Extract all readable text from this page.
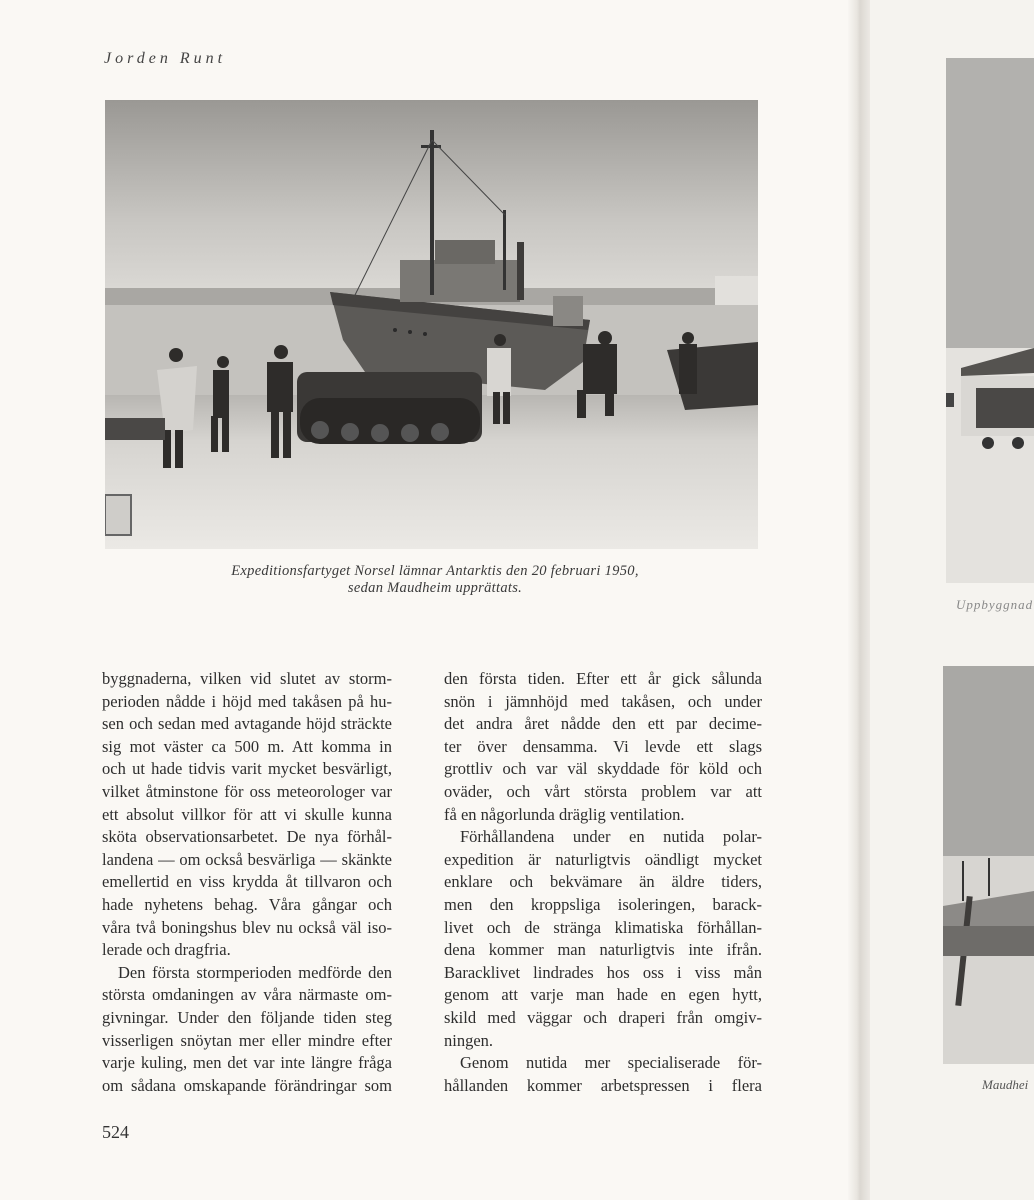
Jorden Runt
Expeditionsfartyget Norsel lämnar Antarktis den 20 februari 1950,
sedan Maudheim upprättats.
byggnaderna, vilken vid slutet av storm-
perioden nådde i höjd med takåsen på hu-
sen och sedan med avtagande höjd sträckte
sig mot väster ca 500 m. Att komma in
och ut hade tidvis varit mycket besvärligt,
vilket åtminstone för oss meteorologer var
ett absolut villkor för att vi skulle kunna
sköta observationsarbetet. De nya förhål-
landena — om också besvärliga — skänkte
emellertid en viss krydda åt tillvaron och
hade nyhetens behag. Våra gångar och
våra två boningshus blev nu också väl iso-
lerade och dragfria.
Den första stormperioden medförde den
största omdaningen av våra närmaste om-
givningar. Under den följande tiden steg
visserligen snöytan mer eller mindre efter
varje kuling, men det var inte längre fråga
om sådana omskapande förändringar som
den första tiden. Efter ett år gick sålunda
snön i jämnhöjd med takåsen, och under
det andra året nådde den ett par decime-
ter över densamma. Vi levde ett slags
grottliv och var väl skyddade för köld och
oväder, och vårt största problem var att
få en någorlunda dräglig ventilation.
Förhållandena under en nutida polar-
expedition är naturligtvis oändligt mycket
enklare och bekvämare än äldre tiders,
men den kroppsliga isoleringen, barack-
livet och de stränga klimatiska förhållan-
dena kommer man naturligtvis inte ifrån.
Baracklivet lindrades hos oss i viss mån
genom att varje man hade en egen hytt,
skild med väggar och draperi från omgiv-
ningen.
Genom nutida mer specialiserade för-
hållanden kommer arbetspressen i flera
524
Uppbyggnad
Maudhei
